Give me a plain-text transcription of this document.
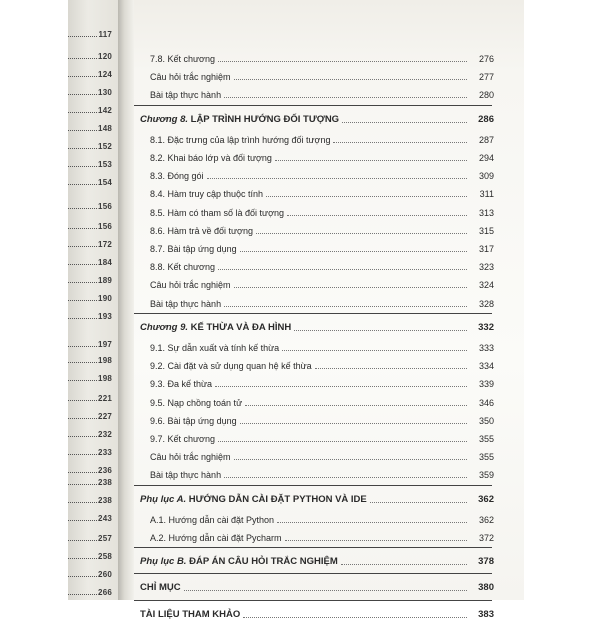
117
120
124
130
142
148
152
153
154
156
156
172
184
189
190
193
197
198
198
221
227
232
233
236
238
238
243
257
258
260
266
7.8. Kết chương	276
Câu hỏi trắc nghiệm	277
Bài tập thực hành	280
Chương 8. LẬP TRÌNH HƯỚNG ĐỐI TƯỢNG	286
8.1. Đặc trưng của lập trình hướng đối tượng	287
8.2. Khai báo lớp và đối tượng	294
8.3. Đóng gói	309
8.4. Hàm truy cập thuộc tính	311
8.5. Hàm có tham số là đối tượng	313
8.6. Hàm trả về đối tượng	315
8.7. Bài tập ứng dụng	317
8.8. Kết chương	323
Câu hỏi trắc nghiệm	324
Bài tập thực hành	328
Chương 9. KẾ THỪA VÀ ĐA HÌNH	332
9.1. Sự dẫn xuất và tính kế thừa	333
9.2. Cài đặt và sử dụng quan hệ kế thừa	334
9.3. Đa kế thừa	339
9.5. Nạp chồng toán tử	346
9.6. Bài tập ứng dụng	350
9.7. Kết chương	355
Câu hỏi trắc nghiệm	355
Bài tập thực hành	359
Phụ lục A. HƯỚNG DẪN CÀI ĐẶT PYTHON VÀ IDE	362
A.1. Hướng dẫn cài đặt Python	362
A.2. Hướng dẫn cài đặt Pycharm	372
Phụ lục B. ĐÁP ÁN CÂU HỎI TRẮC NGHIỆM	378
CHỈ MỤC	380
TÀI LIỆU THAM KHẢO	383
